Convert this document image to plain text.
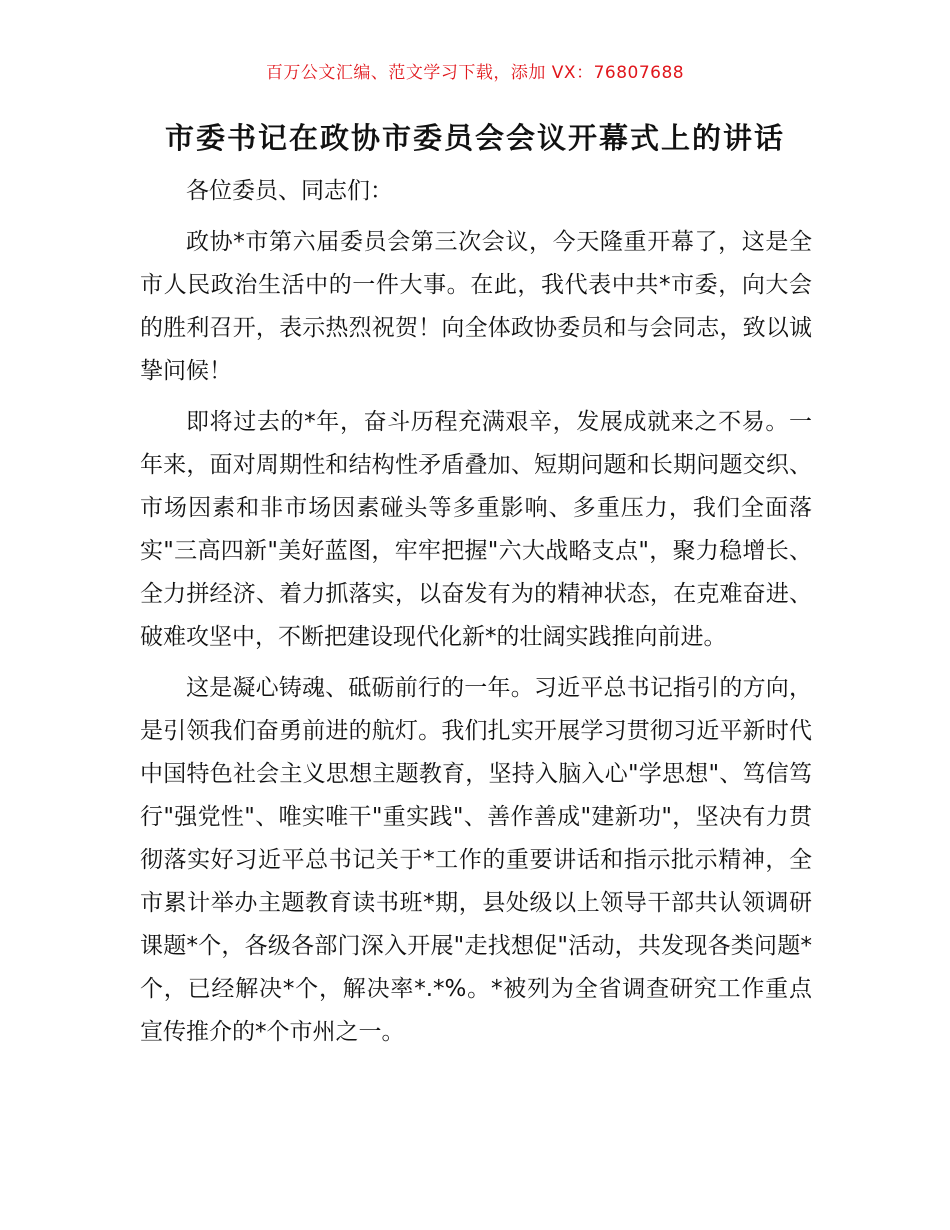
百万公文汇编、范文学习下载，添加 VX：76807688
市委书记在政协市委员会会议开幕式上的讲话

各位委员、同志们：

政协*市第六届委员会第三次会议，今天隆重开幕了，这是全市人民政治生活中的一件大事。在此，我代表中共*市委，向大会的胜利召开，表示热烈祝贺！向全体政协委员和与会同志，致以诚挚问候！

即将过去的*年，奋斗历程充满艰辛，发展成就来之不易。一年来，面对周期性和结构性矛盾叠加、短期问题和长期问题交织、市场因素和非市场因素碰头等多重影响、多重压力，我们全面落实"三高四新"美好蓝图，牢牢把握"六大战略支点"，聚力稳增长、全力拼经济、着力抓落实，以奋发有为的精神状态，在克难奋进、破难攻坚中，不断把建设现代化新*的壮阔实践推向前进。

这是凝心铸魂、砥砺前行的一年。习近平总书记指引的方向，是引领我们奋勇前进的航灯。我们扎实开展学习贯彻习近平新时代中国特色社会主义思想主题教育，坚持入脑入心"学思想"、笃信笃行"强党性"、唯实唯干"重实践"、善作善成"建新功"，坚决有力贯彻落实好习近平总书记关于*工作的重要讲话和指示批示精神，全市累计举办主题教育读书班*期，县处级以上领导干部共认领调研课题*个，各级各部门深入开展"走找想促"活动，共发现各类问题*个，已经解决*个，解决率*.*%。*被列为全省调查研究工作重点宣传推介的*个市州之一。
